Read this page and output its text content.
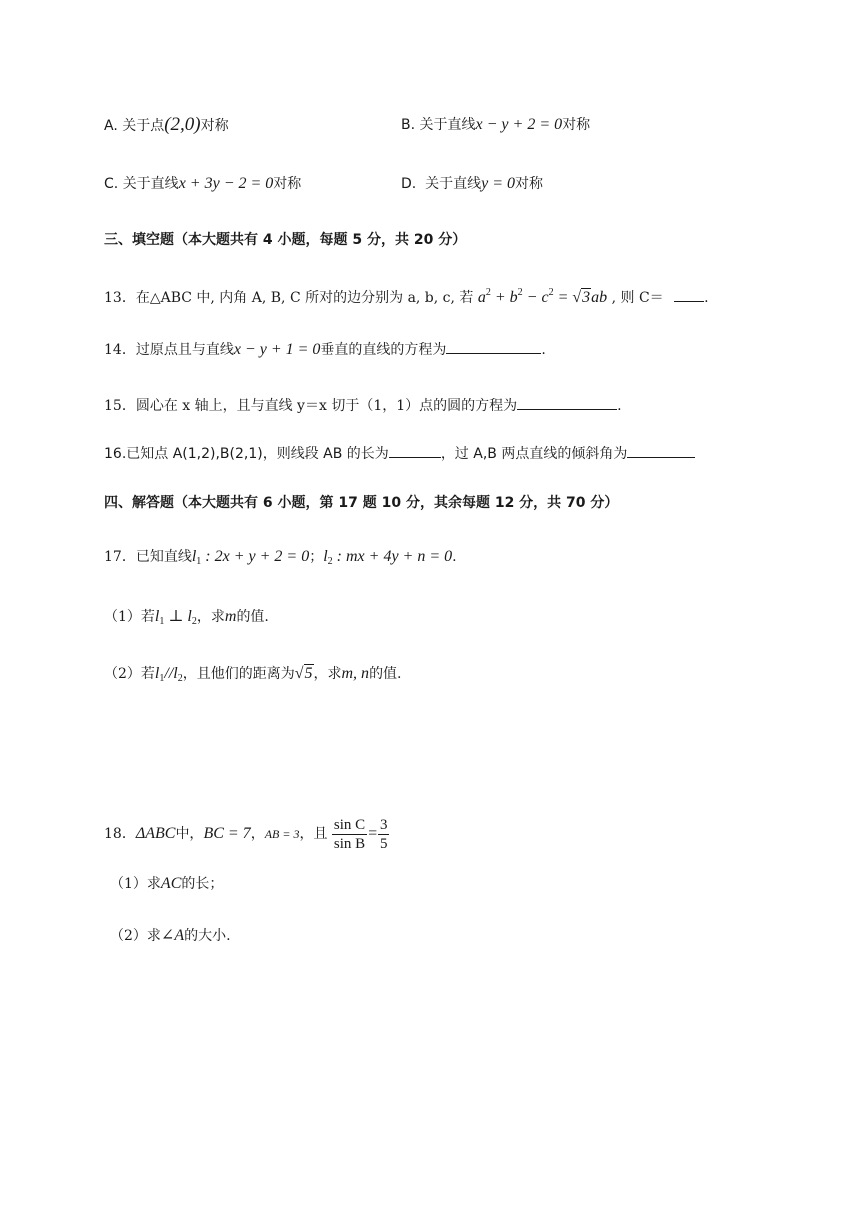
A. 关于点(2,0)对称	B. 关于直线x − y + 2 = 0对称
C. 关于直线x + 3y − 2 = 0对称	D. 关于直线y = 0对称
三、填空题（本大题共有 4 小题，每题 5 分，共 20 分）
13．在△ABC 中, 内角 A, B, C 所对的边分别为 a, b, c, 若 $a^2 + b^2 - c^2 = √3ab$ , 则 C＝	.
14．过原点且与直线x − y + 1 = 0垂直的直线的方程为	.
15．圆心在 x 轴上，且与直线 y＝x 切于（1，1）点的圆的方程为	.
16.已知点 A(1,2),B(2,1)，则线段 AB 的长为	，过 A,B 两点直线的倾斜角为
四、解答题（本大题共有 6 小题，第 17 题 10 分，其余每题 12 分，共 70 分）
17．已知直线$l_1$ : 2x + y + 2 = 0；$l_2$ : mx + 4y + n = 0.
（1）若$l_1$ ⊥ $l_2$，求m的值.
（2）若$l_1//l_2$，且他们的距离为√5，求m, n的值.
18．ΔABC中，BC = 7，AB = 3，且 $\frac{\text{sin C}}{\text{sin B}} = \frac{3}{5}$
（1）求AC的长；
（2）求∠A的大小.
